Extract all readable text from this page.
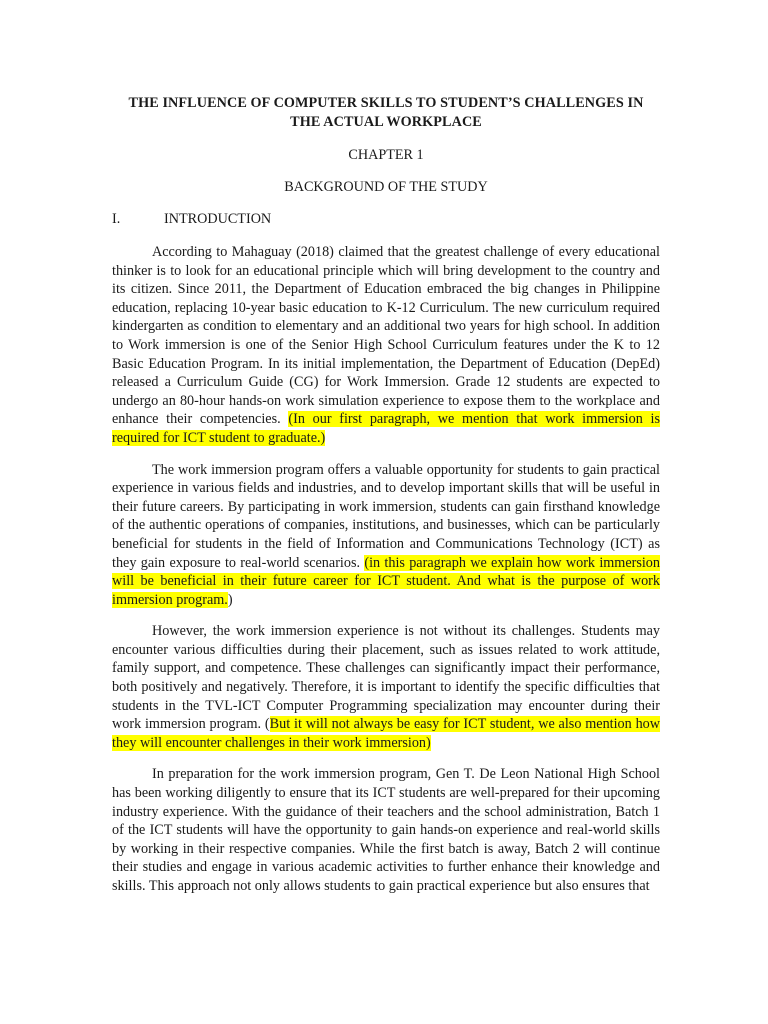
THE INFLUENCE OF COMPUTER SKILLS TO STUDENT’S CHALLENGES IN THE ACTUAL WORKPLACE
CHAPTER 1
BACKGROUND OF THE STUDY
I.	INTRODUCTION

According to Mahaguay (2018) claimed that the greatest challenge of every educational thinker is to look for an educational principle which will bring development to the country and its citizen. Since 2011, the Department of Education embraced the big changes in Philippine education, replacing 10-year basic education to K-12 Curriculum. The new curriculum required kindergarten as condition to elementary and an additional two years for high school. In addition to Work immersion is one of the Senior High School Curriculum features under the K to 12 Basic Education Program. In its initial implementation, the Department of Education (DepEd) released a Curriculum Guide (CG) for Work Immersion. Grade 12 students are expected to undergo an 80-hour hands-on work simulation experience to expose them to the workplace and enhance their competencies. (In our first paragraph, we mention that work immersion is required for ICT student to graduate.)

The work immersion program offers a valuable opportunity for students to gain practical experience in various fields and industries, and to develop important skills that will be useful in their future careers. By participating in work immersion, students can gain firsthand knowledge of the authentic operations of companies, institutions, and businesses, which can be particularly beneficial for students in the field of Information and Communications Technology (ICT) as they gain exposure to real-world scenarios. (in this paragraph we explain how work immersion will be beneficial in their future career for ICT student. And what is the purpose of work immersion program.)

However, the work immersion experience is not without its challenges. Students may encounter various difficulties during their placement, such as issues related to work attitude, family support, and competence. These challenges can significantly impact their performance, both positively and negatively. Therefore, it is important to identify the specific difficulties that students in the TVL-ICT Computer Programming specialization may encounter during their work immersion program. (But it will not always be easy for ICT student, we also mention how they will encounter challenges in their work immersion)

In preparation for the work immersion program, Gen T. De Leon National High School has been working diligently to ensure that its ICT students are well-prepared for their upcoming industry experience. With the guidance of their teachers and the school administration, Batch 1 of the ICT students will have the opportunity to gain hands-on experience and real-world skills by working in their respective companies. While the first batch is away, Batch 2 will continue their studies and engage in various academic activities to further enhance their knowledge and skills. This approach not only allows students to gain practical experience but also ensures that
